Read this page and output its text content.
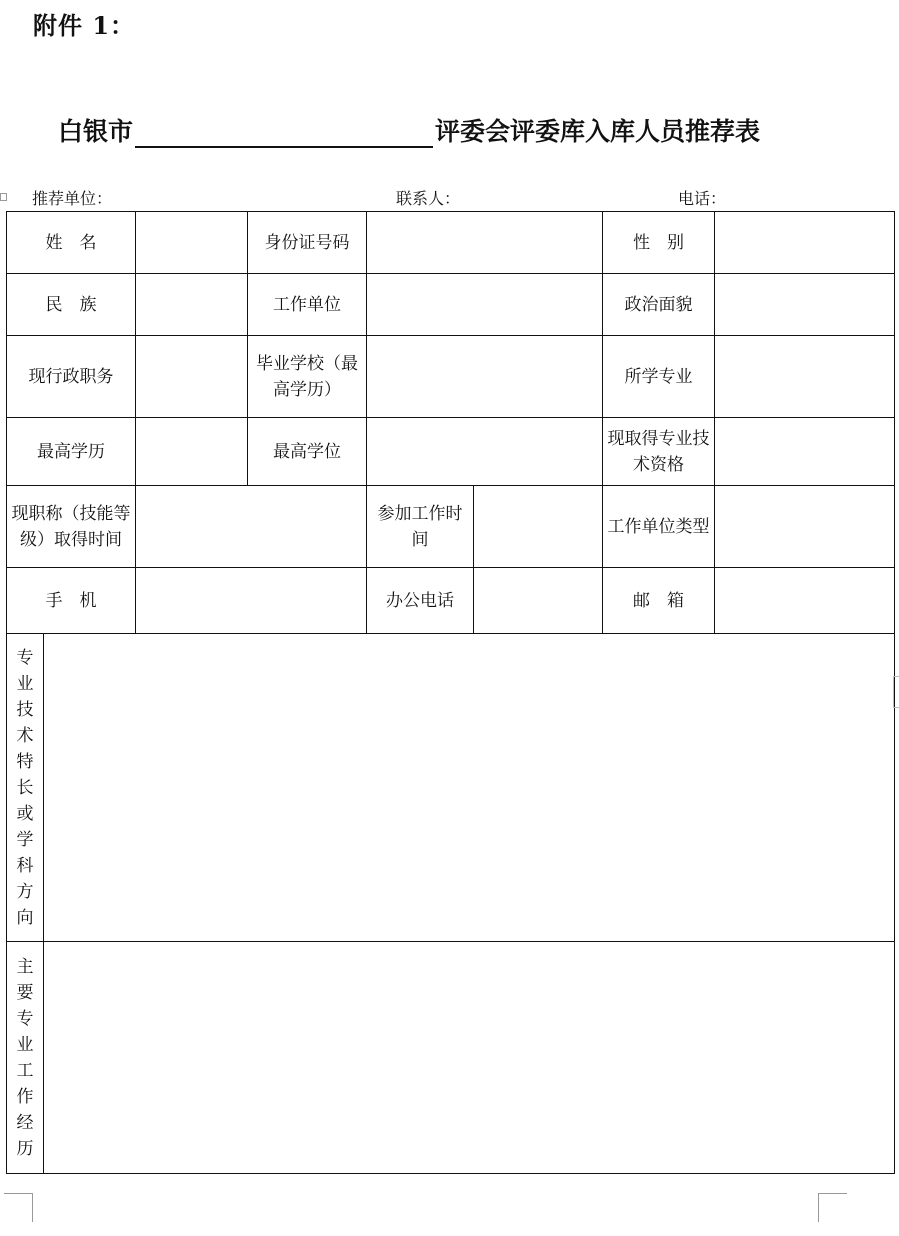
附件 1：
白银市	评委会评委库入库人员推荐表
推荐单位：	联系人：	电话：
姓　名			身份证号码			性　别	
民　族			工作单位			政治面貌	
现行政职务			毕业学校（最高学历）			所学专业	
最高学历			最高学位			现取得专业技术资格	
现职称（技能等级）取得时间				参加工作时间		工作单位类型	
手　机				办公电话		邮　箱	
专业技术特长或学科方向							
主要专业工作经历							
